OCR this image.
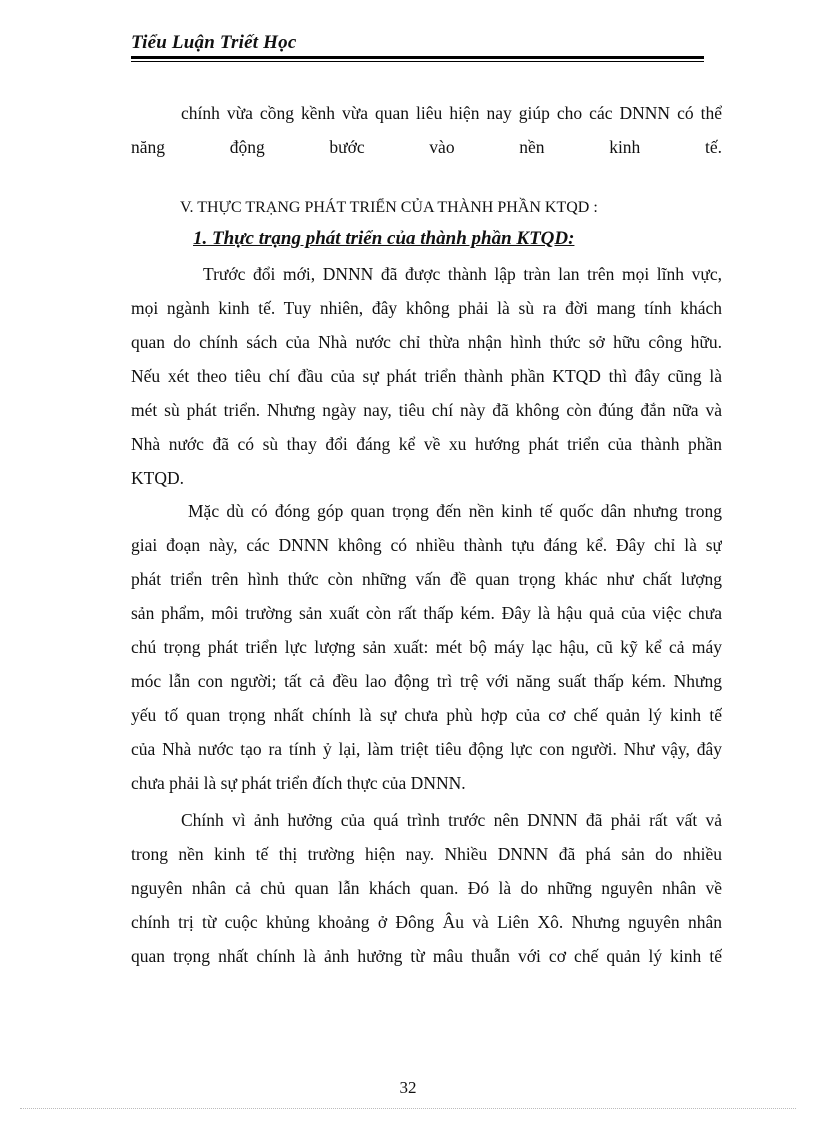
Tiểu Luận Triết Học
chính vừa cồng kềnh vừa quan liêu hiện nay giúp cho các DNNN có thể
năng động bước vào nền kinh tế.
V. THỰC TRẠNG PHÁT TRIỂN CỦA THÀNH PHẦN KTQD :
1. Thực trạng phát triển của thành phần KTQD:
Trước đổi mới, DNNN đã được thành lập tràn lan trên mọi lĩnh vực,
mọi ngành kinh tế. Tuy nhiên, đây không phải là sù ra đời mang tính khách
quan do chính sách của Nhà nước chỉ thừa nhận hình thức sở hữu công hữu.
Nếu xét theo tiêu chí đầu của sự phát triển thành phần KTQD thì đây cũng là
mét sù phát triển. Nhưng ngày nay, tiêu chí này đã không còn đúng đắn nữa và
Nhà nước đã có sù thay đổi đáng kể về xu hướng phát triển của thành phần
KTQD.
Mặc dù có đóng góp quan trọng đến nền kinh tế quốc dân nhưng trong
giai đoạn này, các DNNN không có nhiều thành tựu đáng kể. Đây chỉ là sự
phát triển trên hình thức còn những vấn đề quan trọng khác như chất lượng
sản phẩm, môi trường sản xuất còn rất thấp kém. Đây là hậu quả của việc chưa
chú trọng phát triển lực lượng sản xuất: mét bộ máy lạc hậu, cũ kỹ kể cả máy
móc lẫn con người; tất cả đều lao động trì trệ với năng suất thấp kém. Nhưng
yếu tố quan trọng nhất chính là sự chưa phù hợp của cơ chế quản lý kinh tế
của Nhà nước tạo ra tính ỷ lại, làm triệt tiêu động lực con người. Như vậy, đây
chưa phải là sự phát triển đích thực của DNNN.
Chính vì ảnh hưởng của quá trình trước nên DNNN đã phải rất vất vả
trong nền kinh tế thị trường hiện nay. Nhiều DNNN đã phá sản do nhiều
nguyên nhân cả chủ quan lẫn khách quan. Đó là do những nguyên nhân về
chính trị từ cuộc khủng khoảng ở Đông Âu và Liên Xô. Nhưng nguyên nhân
quan trọng nhất chính là ảnh hưởng từ mâu thuẫn với cơ chế quản lý kinh tế
32
